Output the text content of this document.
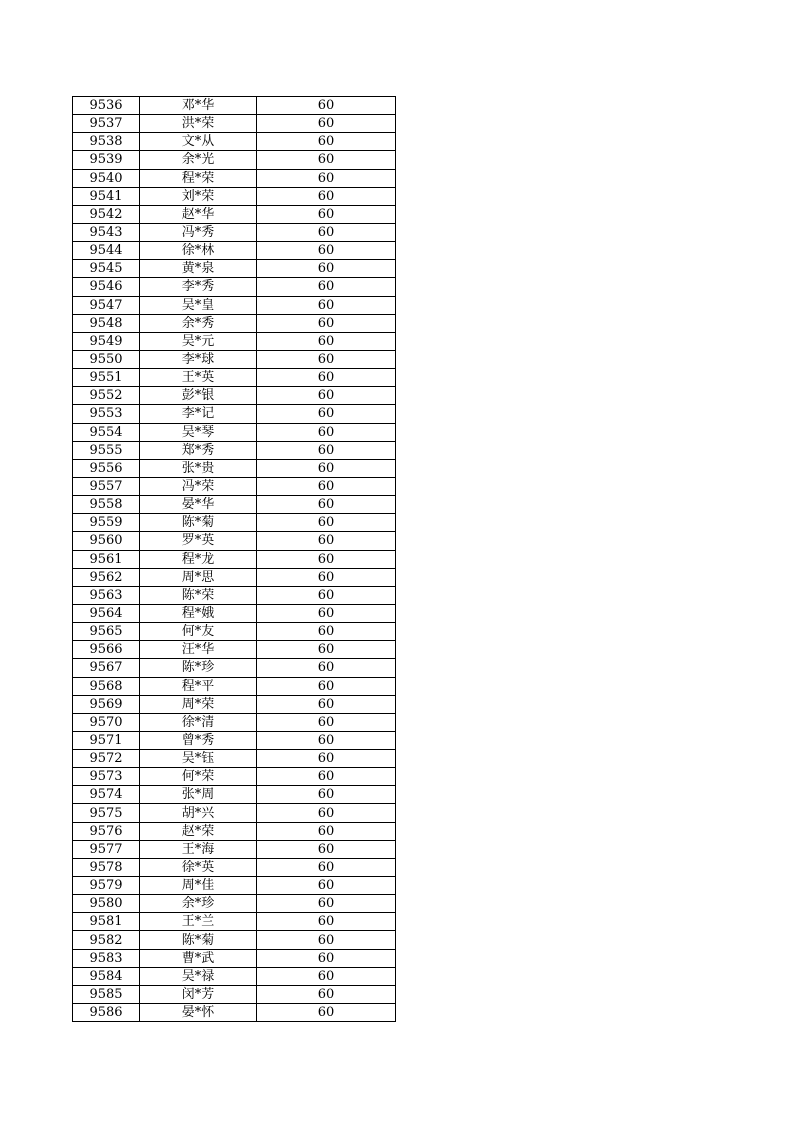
9536	邓*华	60
9537	洪*荣	60
9538	文*从	60
9539	余*光	60
9540	程*荣	60
9541	刘*荣	60
9542	赵*华	60
9543	冯*秀	60
9544	徐*林	60
9545	黄*泉	60
9546	李*秀	60
9547	吴*皇	60
9548	余*秀	60
9549	吴*元	60
9550	李*球	60
9551	王*英	60
9552	彭*银	60
9553	李*记	60
9554	吴*琴	60
9555	郑*秀	60
9556	张*贵	60
9557	冯*荣	60
9558	晏*华	60
9559	陈*菊	60
9560	罗*英	60
9561	程*龙	60
9562	周*思	60
9563	陈*荣	60
9564	程*娥	60
9565	何*友	60
9566	汪*华	60
9567	陈*珍	60
9568	程*平	60
9569	周*荣	60
9570	徐*清	60
9571	曾*秀	60
9572	吴*钰	60
9573	何*荣	60
9574	张*周	60
9575	胡*兴	60
9576	赵*荣	60
9577	王*海	60
9578	徐*英	60
9579	周*佳	60
9580	余*珍	60
9581	王*兰	60
9582	陈*菊	60
9583	曹*武	60
9584	吴*禄	60
9585	闵*芳	60
9586	晏*怀	60
